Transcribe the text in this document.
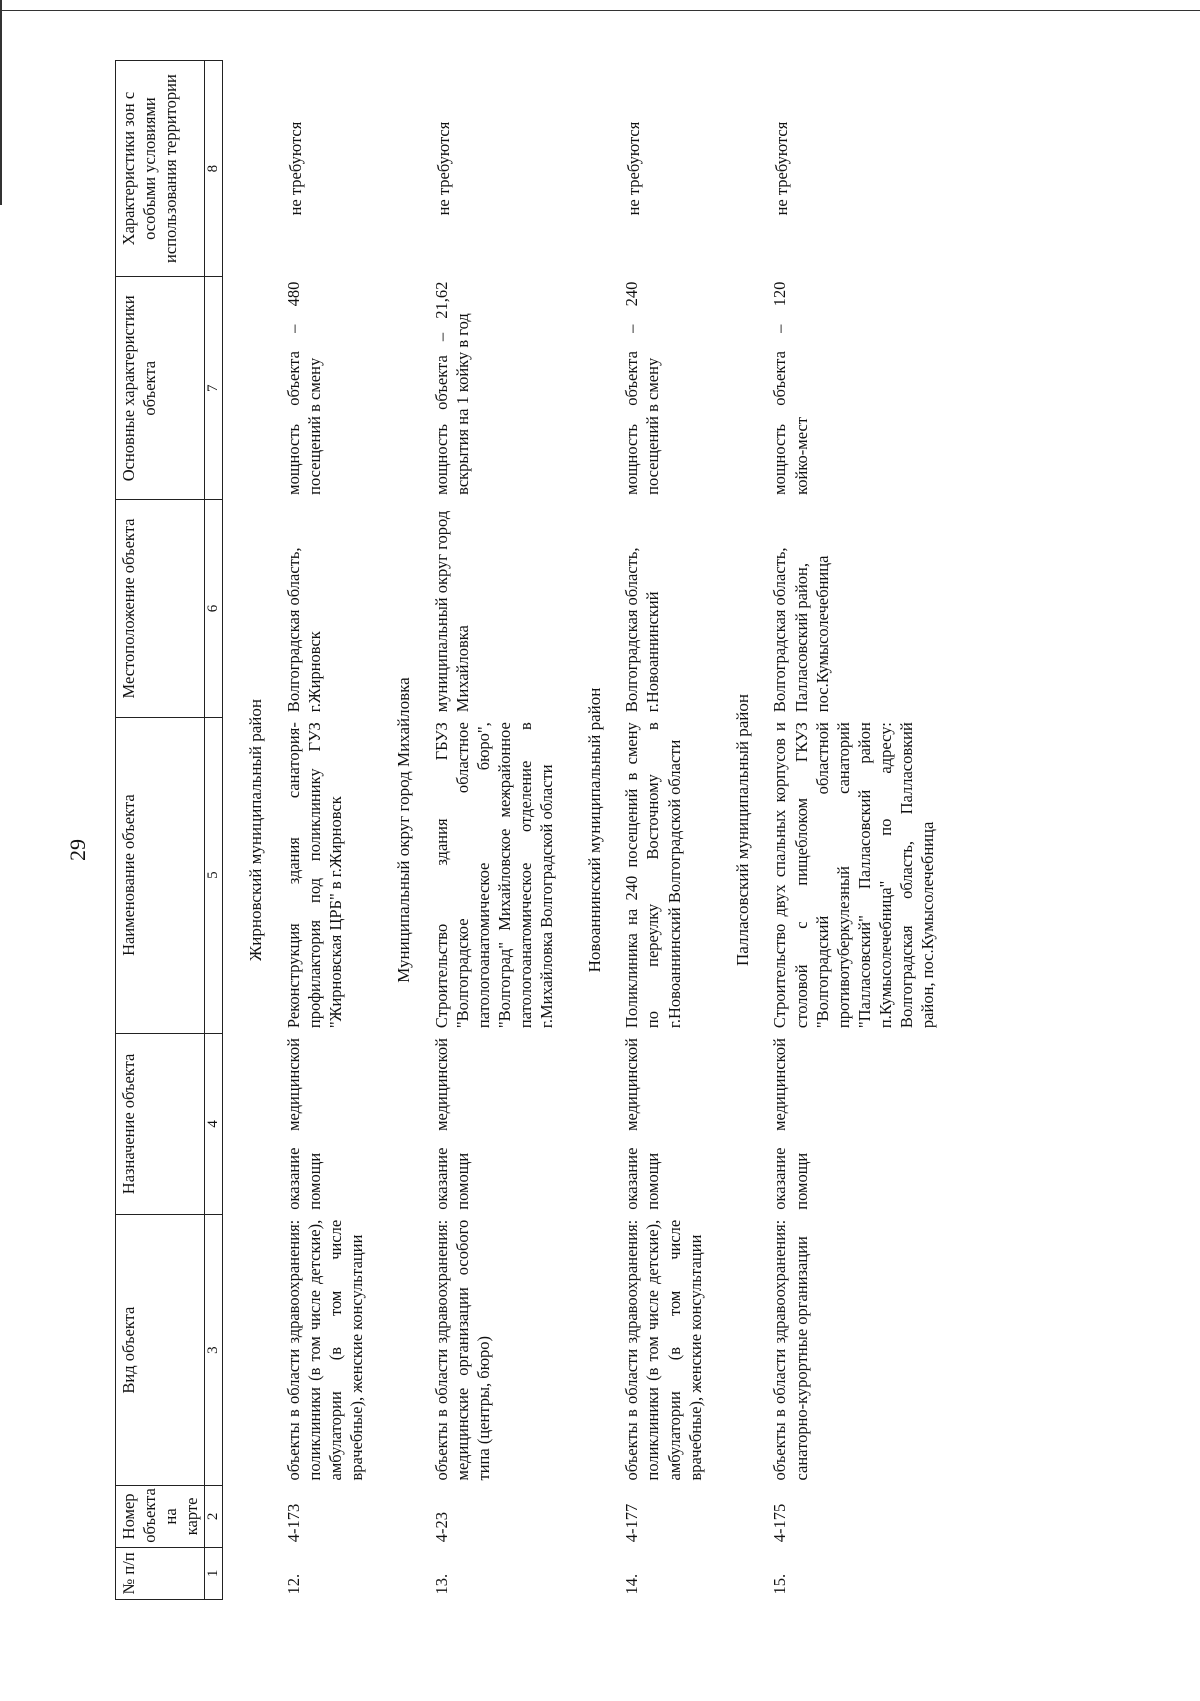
29
№ п/п	Номер объекта на карте	Вид объекта	Назначение объекта	Наименование объекта	Местоположение объекта	Основные характеристики объекта	Характеристики зон с особыми условиями использования территории
1	2	3	4	5	6	7	8
Жирновский муниципальный район							
12.	4-173	объекты в области здравоохранения: поликлиники (в том числе детские), амбулатории (в том числе врачебные), женские консультации	оказание медицинской помощи	Реконструкция здания санатория-профилактория под поликлинику ГУЗ "Жирновская ЦРБ" в г.Жирновск	Волгоградская область, г.Жирновск	мощность объекта – 480 посещений в смену	не требуются
Муниципальный округ город Михайловка							
13.	4-23	объекты в области здравоохранения: медицинские организации особого типа (центры, бюро)	оказание медицинской помощи	Строительство здания ГБУЗ "Волгоградское областное патологоанатомическое бюро", "Волгоград" Михайловское межрайонное патологоанатомическое отделение в г.Михайловка Волгоградской области	муниципальный округ город Михайловка	мощность объекта – 21,62 вскрытия на 1 койку в год	не требуются
Новоаннинский муниципальный район							
14.	4-177	объекты в области здравоохранения: поликлиники (в том числе детские), амбулатории (в том числе врачебные), женские консультации	оказание медицинской помощи	Поликлиника на 240 посещений в смену по переулку Восточному в г.Новоаннинский Волгоградской области	Волгоградская область, г.Новоаннинский	мощность объекта – 240 посещений в смену	не требуются
Палласовский муниципальный район							
15.	4-175	объекты в области здравоохранения: санаторно-курортные организации	оказание медицинской помощи	Строительство двух спальных корпусов и столовой с пищеблоком ГКУЗ "Волгоградский областной противотуберкулезный санаторий "Палласовский" Палласовский район п.Кумысолечебница" по адресу: Волгоградская область, Палласовкий район, пос.Кумысолечебница	Волгоградская область, Палласовский район, пос.Кумысолечебница	мощность объекта – 120 койко-мест	не требуются
